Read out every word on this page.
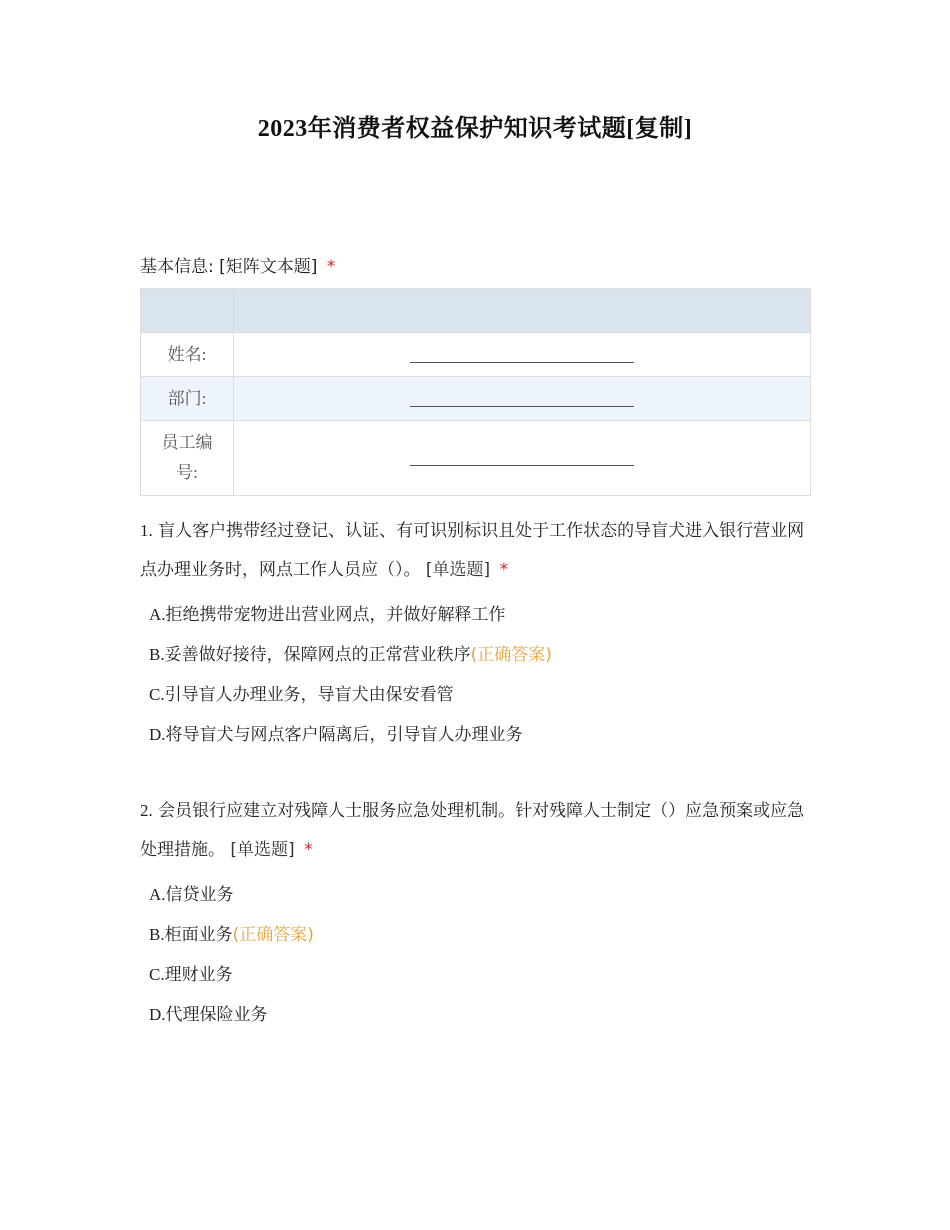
2023年消费者权益保护知识考试题[复制]
基本信息: [矩阵文本题] *

姓名:	
部门:	

员工编号:	

1. 盲人客户携带经过登记、认证、有可识别标识且处于工作状态的导盲犬进入银行营业网点办理业务时，网点工作人员应（）。 [单选题] *
A.拒绝携带宠物进出营业网点，并做好解释工作
B.妥善做好接待，保障网点的正常营业秩序(正确答案)
C.引导盲人办理业务，导盲犬由保安看管
D.将导盲犬与网点客户隔离后，引导盲人办理业务
2. 会员银行应建立对残障人士服务应急处理机制。针对残障人士制定（）应急预案或应急处理措施。 [单选题] *
A.信贷业务
B.柜面业务(正确答案)
C.理财业务
D.代理保险业务
